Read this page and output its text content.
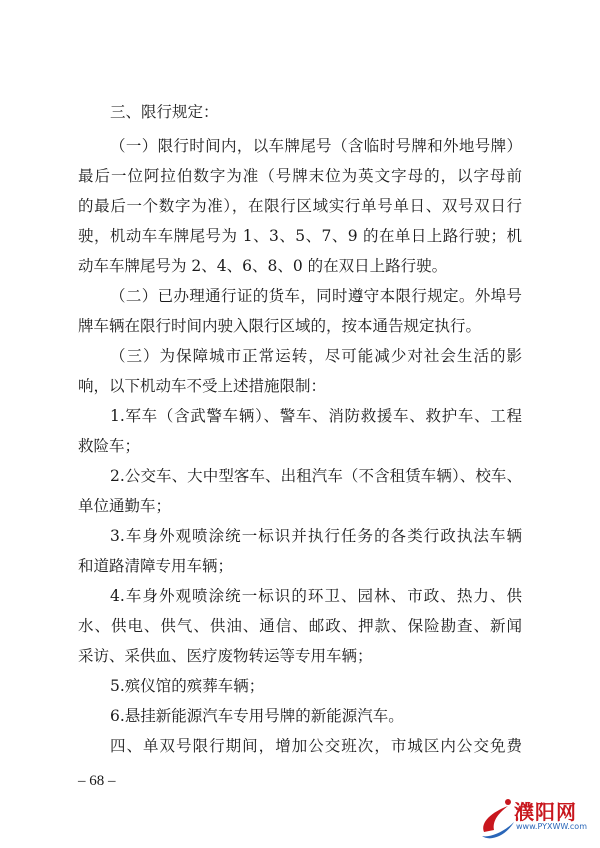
三、限行规定：
（一）限行时间内，以车牌尾号（含临时号牌和外地号牌）
最后一位阿拉伯数字为准（号牌末位为英文字母的，以字母前
的最后一个数字为准），在限行区域实行单号单日、双号双日行
驶，机动车车牌尾号为 1、3、5、7、9 的在单日上路行驶；机
动车车牌尾号为 2、4、6、8、0 的在双日上路行驶。
（二）已办理通行证的货车，同时遵守本限行规定。外埠号
牌车辆在限行时间内驶入限行区域的，按本通告规定执行。
（三）为保障城市正常运转，尽可能减少对社会生活的影
响，以下机动车不受上述措施限制：
1.军车（含武警车辆）、警车、消防救援车、救护车、工程
救险车；
2.公交车、大中型客车、出租汽车（不含租赁车辆）、校车、
单位通勤车；
3.车身外观喷涂统一标识并执行任务的各类行政执法车辆
和道路清障专用车辆；
4.车身外观喷涂统一标识的环卫、园林、市政、热力、供
水、供电、供气、供油、通信、邮政、押款、保险勘查、新闻
采访、采供血、医疗废物转运等专用车辆；
5.殡仪馆的殡葬车辆；
6.悬挂新能源汽车专用号牌的新能源汽车。
四、单双号限行期间，增加公交班次，市城区内公交免费
– 68 –
濮阳网
www.PYXWW.com
